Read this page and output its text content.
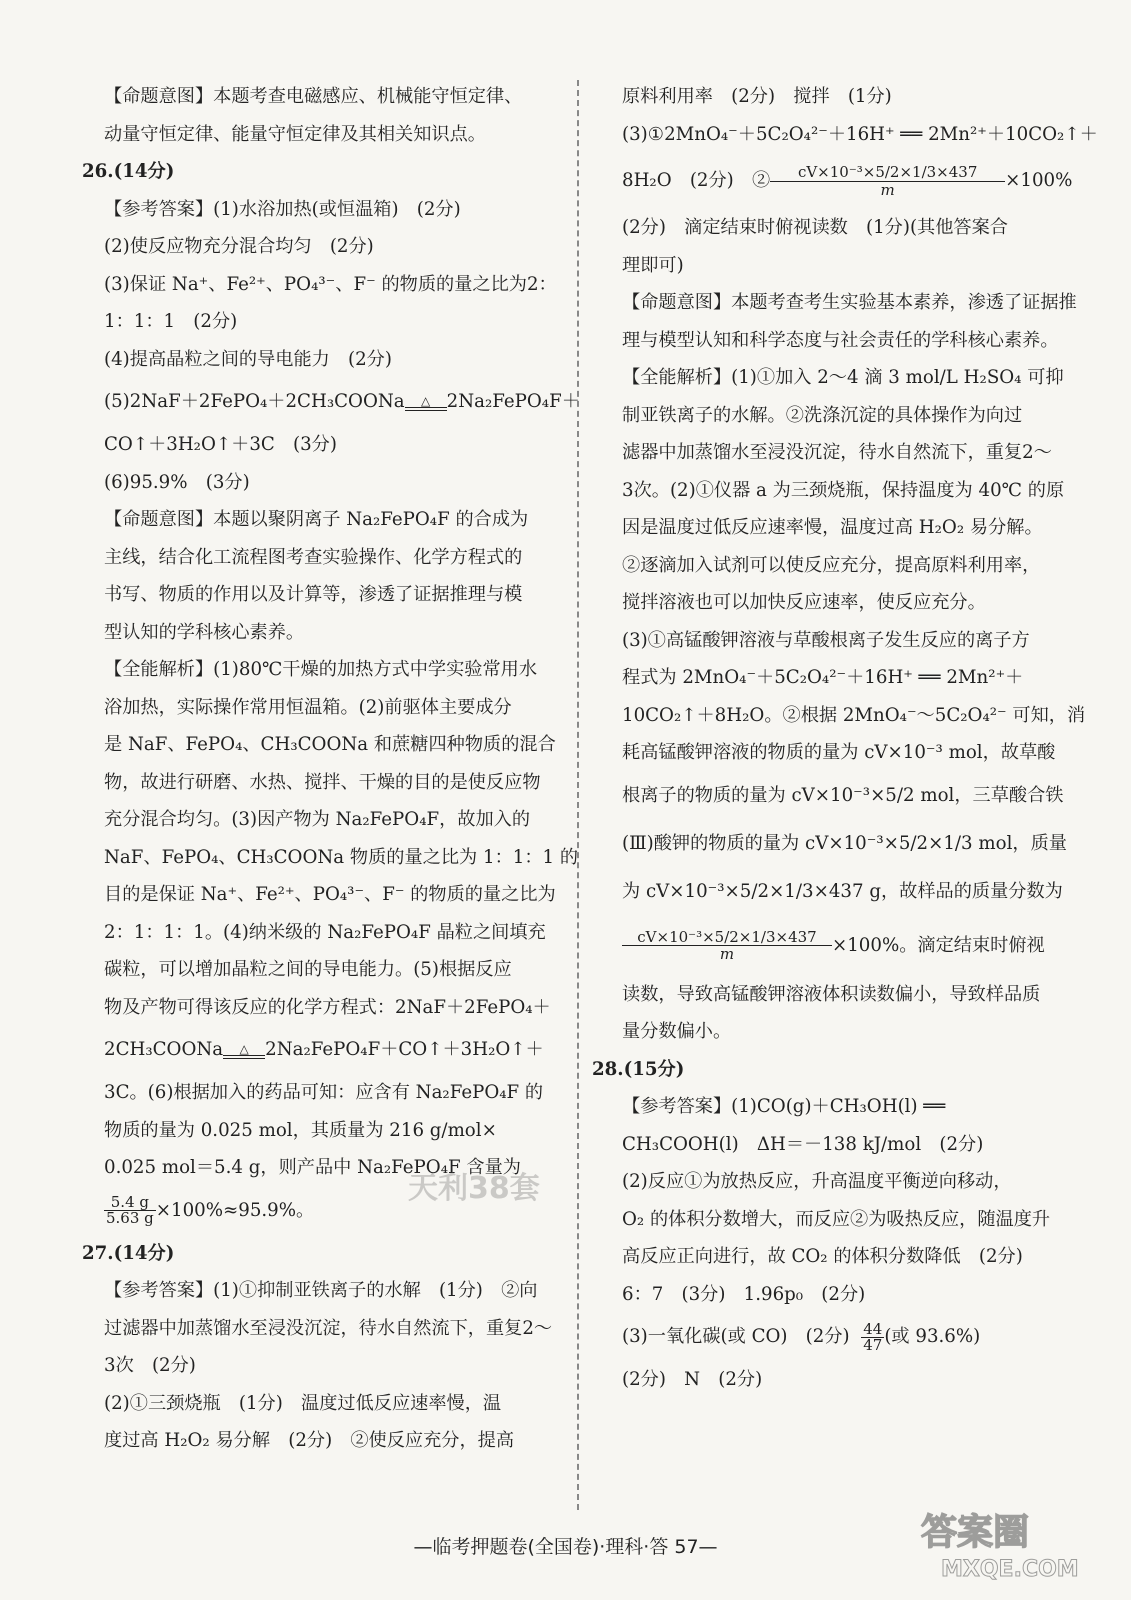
【命题意图】本题考查电磁感应、机械能守恒定律、
动量守恒定律、能量守恒定律及其相关知识点。
26.(14分)
【参考答案】(1)水浴加热(或恒温箱)　(2分)
(2)使反应物充分混合均匀　(2分)
(3)保证 Na⁺、Fe²⁺、PO₄³⁻、F⁻ 的物质的量之比为2：
1：1：1　(2分)
(4)提高晶粒之间的导电能力　(2分)
(5)2NaF＋2FePO₄＋2CH₃COONa	△ 2Na₂FePO₄F＋
CO↑＋3H₂O↑＋3C　(3分)
(6)95.9%　(3分)
【命题意图】本题以聚阴离子 Na₂FePO₄F 的合成为
主线，结合化工流程图考查实验操作、化学方程式的
书写、物质的作用以及计算等，渗透了证据推理与模
型认知的学科核心素养。
【全能解析】(1)80℃干燥的加热方式中学实验常用水
浴加热，实际操作常用恒温箱。(2)前驱体主要成分
是 NaF、FePO₄、CH₃COONa 和蔗糖四种物质的混合
物，故进行研磨、水热、搅拌、干燥的目的是使反应物
充分混合均匀。(3)因产物为 Na₂FePO₄F，故加入的
NaF、FePO₄、CH₃COONa 物质的量之比为 1：1：1 的
目的是保证 Na⁺、Fe²⁺、PO₄³⁻、F⁻ 的物质的量之比为
2：1：1：1。(4)纳米级的 Na₂FePO₄F 晶粒之间填充
碳粒，可以增加晶粒之间的导电能力。(5)根据反应
物及产物可得该反应的化学方程式：2NaF＋2FePO₄＋
2CH₃COONa	△ 2Na₂FePO₄F＋CO↑＋3H₂O↑＋
3C。(6)根据加入的药品可知：应含有 Na₂FePO₄F 的
物质的量为 0.025 mol，其质量为 216 g/mol×
0.025 mol＝5.4 g，则产品中 Na₂FePO₄F 含量为
$\frac{5.4 g}{5.63 g} \times 100\%\approx 95.9\%$。
27.(14分)
【参考答案】(1)①抑制亚铁离子的水解　(1分)　②向
过滤器中加蒸馏水至浸没沉淀，待水自然流下，重复2～
3次　(2分)
(2)①三颈烧瓶　(1分)　温度过低反应速率慢，温
度过高 H₂O₂ 易分解　(2分)　②使反应充分，提高
原料利用率　(2分)　搅拌　(1分)
(3)①2MnO₄⁻＋5C₂O₄²⁻＋16H⁺ ══ 2Mn²⁺＋10CO₂↑＋
8H₂O　(2分)　② $\frac{\text{cV×10⁻³×5/2×1/3×437}}{m} \times 100\%$
(2分)　滴定结束时俯视读数　(1分)(其他答案合
理即可)
【命题意图】本题考查考生实验基本素养，渗透了证据推
理与模型认知和科学态度与社会责任的学科核心素养。
【全能解析】(1)①加入 2～4 滴 3 mol/L H₂SO₄ 可抑
制亚铁离子的水解。②洗涤沉淀的具体操作为向过
滤器中加蒸馏水至浸没沉淀，待水自然流下，重复2～
3次。(2)①仪器 a 为三颈烧瓶，保持温度为 40℃ 的原
因是温度过低反应速率慢，温度过高 H₂O₂ 易分解。
②逐滴加入试剂可以使反应充分，提高原料利用率，
搅拌溶液也可以加快反应速率，使反应充分。
(3)①高锰酸钾溶液与草酸根离子发生反应的离子方
程式为 2MnO₄⁻＋5C₂O₄²⁻＋16H⁺ ══ 2Mn²⁺＋
10CO₂↑＋8H₂O。②根据 2MnO₄⁻～5C₂O₄²⁻ 可知，消
耗高锰酸钾溶液的物质的量为 cV×10⁻³ mol，故草酸
根离子的物质的量为 cV×10⁻³×5/2 mol，三草酸合铁
(Ⅲ)酸钾的物质的量为 cV×10⁻³×5/2×1/3 mol，质量
为 cV×10⁻³×5/2×1/3×437 g，故样品的质量分数为
$\frac{\text{cV×10⁻³×5/2×1/3×437}}{m} \times 100\%$。滴定结束时俯视
读数，导致高锰酸钾溶液体积读数偏小，导致样品质
量分数偏小。
28.(15分)
【参考答案】(1)CO(g)＋CH₃OH(l) ══
CH₃COOH(l)　ΔH＝－138 kJ/mol　(2分)
(2)反应①为放热反应，升高温度平衡逆向移动，
O₂ 的体积分数增大，而反应②为吸热反应，随温度升
高反应正向进行，故 CO₂ 的体积分数降低　(2分)
6：7　(3分)　1.96p₀　(2分)
(3)一氧化碳(或 CO)　(2分) $\frac{44}{47}$ (或 93.6%)
(2分)　N　(2分)
天利38套
—临考押题卷(全国卷)·理科·答 57—	答案圈
MXQE.COM
